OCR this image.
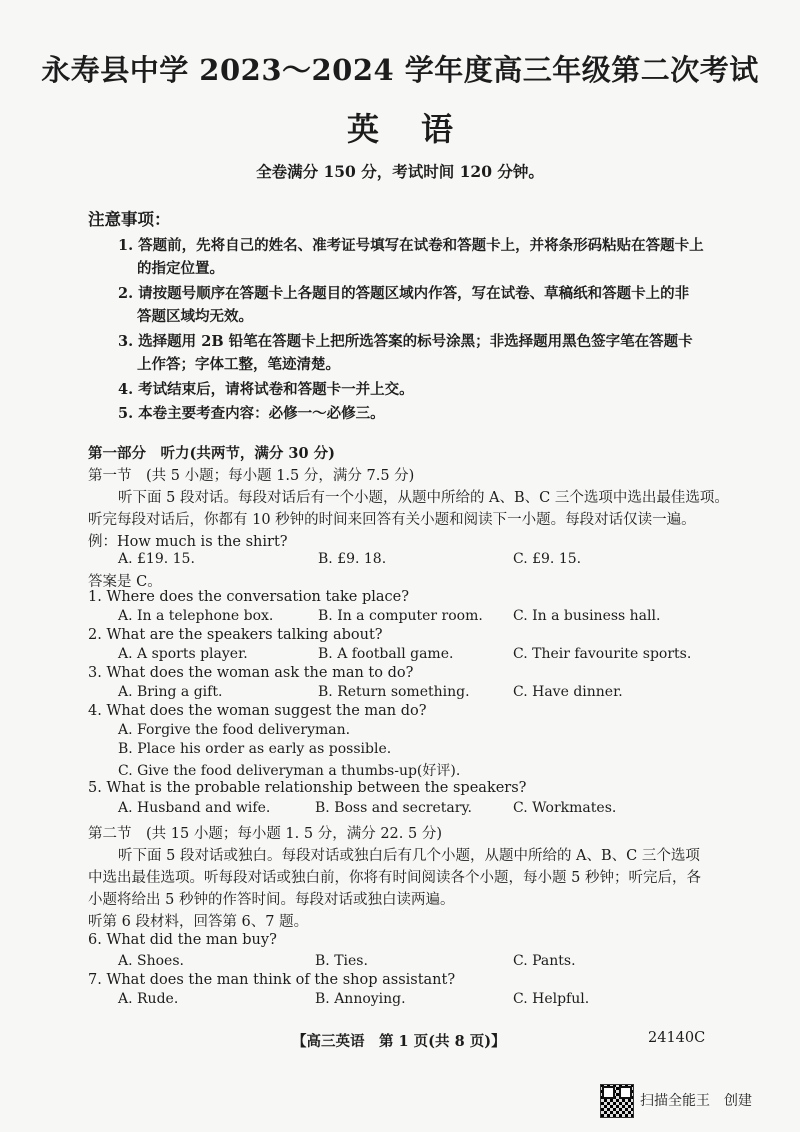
永寿县中学 2023～2024 学年度高三年级第二次考试
英语
全卷满分 150 分，考试时间 120 分钟。
注意事项：
1. 答题前，先将自己的姓名、准考证号填写在试卷和答题卡上，并将条形码粘贴在答题卡上
的指定位置。
2. 请按题号顺序在答题卡上各题目的答题区域内作答，写在试卷、草稿纸和答题卡上的非
答题区域均无效。
3. 选择题用 2B 铅笔在答题卡上把所选答案的标号涂黑；非选择题用黑色签字笔在答题卡
上作答；字体工整，笔迹清楚。
4. 考试结束后，请将试卷和答题卡一并上交。
5. 本卷主要考查内容：必修一～必修三。
第一部分　听力(共两节，满分 30 分)
第一节　(共 5 小题；每小题 1.5 分，满分 7.5 分)
听下面 5 段对话。每段对话后有一个小题，从题中所给的 A、B、C 三个选项中选出最佳选项。
听完每段对话后，你都有 10 秒钟的时间来回答有关小题和阅读下一小题。每段对话仅读一遍。
例：How much is the shirt?
A. £19. 15.	B. £9. 18.	C. £9. 15.
答案是 C。
1. Where does the conversation take place?
A. In a telephone box.	B. In a computer room. C. In a business hall.
2. What are the speakers talking about?
A. A sports player.	B. A football game.	C. Their favourite sports.
3. What does the woman ask the man to do?
A. Bring a gift.	B. Return something.	C. Have dinner.
4. What does the woman suggest the man do?
A. Forgive the food deliveryman.
B. Place his order as early as possible.
C. Give the food deliveryman a thumbs-up(好评).
5. What is the probable relationship between the speakers?
A. Husband and wife.	B. Boss and secretary.	C. Workmates.
第二节　(共 15 小题；每小题 1. 5 分，满分 22. 5 分)
听下面 5 段对话或独白。每段对话或独白后有几个小题，从题中所给的 A、B、C 三个选项
中选出最佳选项。听每段对话或独白前，你将有时间阅读各个小题，每小题 5 秒钟；听完后，各
小题将给出 5 秒钟的作答时间。每段对话或独白读两遍。
听第 6 段材料，回答第 6、7 题。
6. What did the man buy?
A. Shoes.	B. Ties.	C. Pants.
7. What does the man think of the shop assistant?
A. Rude.	B. Annoying.	C. Helpful.
【高三英语　第 1 页(共 8 页)】	24140C
扫描全能王　创建
